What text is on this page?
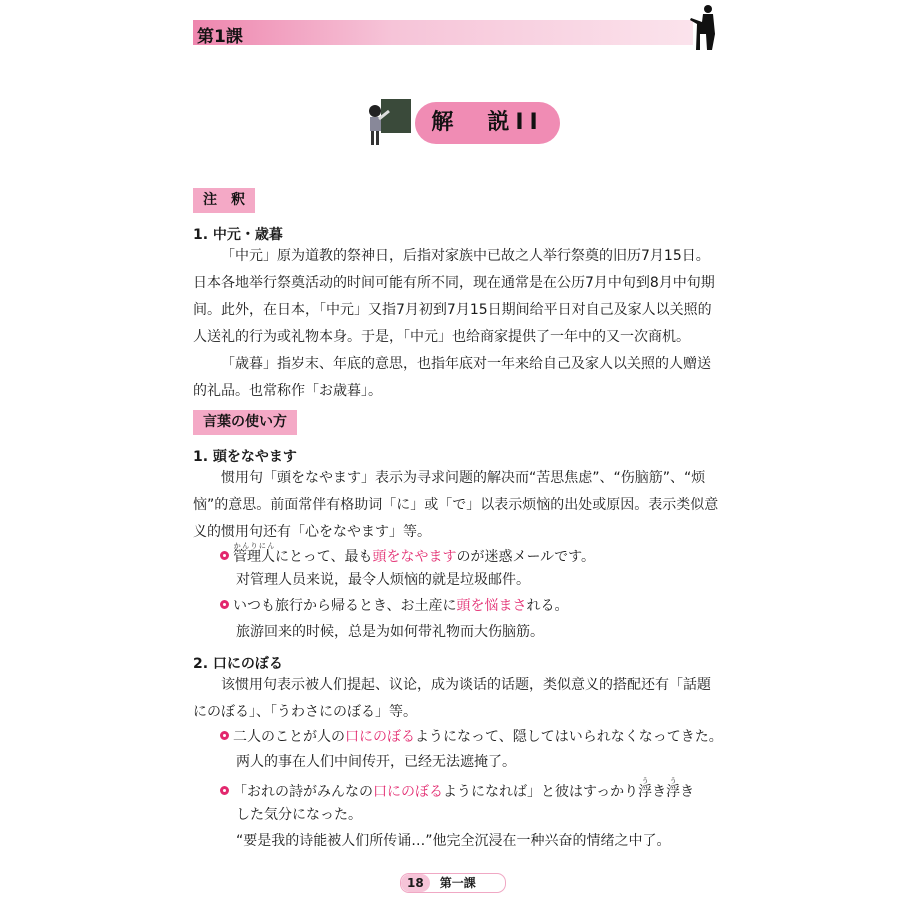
第1課
解　説II
注　釈
1. 中元・歳暮
「中元」原为道教的祭神日，后指对家族中已故之人举行祭奠的旧历7月15日。日本各地举行祭奠活动的时间可能有所不同，现在通常是在公历7月中旬到8月中旬期间。此外，在日本，「中元」又指7月初到7月15日期间给平日对自己及家人以关照的人送礼的行为或礼物本身。于是，「中元」也给商家提供了一年中的又一次商机。
「歳暮」指岁末、年底的意思，也指年底对一年来给自己及家人以关照的人赠送的礼品。也常称作「お歳暮」。
言葉の使い方
1. 頭をなやます
惯用句「頭をなやます」表示为寻求问题的解决而“苦思焦虑”、“伤脑筋”、“烦恼”的意思。前面常伴有格助词「に」或「で」以表示烦恼的出处或原因。表示类似意义的惯用句还有「心をなやます」等。
管理人かんりにんにとって、最も頭をなやますのが迷惑メールです。
对管理人员来说，最令人烦恼的就是垃圾邮件。
いつも旅行から帰るとき、お土産に頭を悩まされる。
旅游回来的时候，总是为如何带礼物而大伤脑筋。
2. 口にのぼる
该惯用句表示被人们提起、议论，成为谈话的话题，类似意义的搭配还有「話題にのぼる」、「うわさにのぼる」等。
二人のことが人の口にのぼるようになって、隠してはいられなくなってきた。
两人的事在人们中间传开，已经无法遮掩了。
「おれの詩がみんなの口にのぼるようになれば」と彼はすっかり浮うき浮うき
した気分になった。
“要是我的诗能被人们所传诵…”他完全沉浸在一种兴奋的情绪之中了。
18 第一課
